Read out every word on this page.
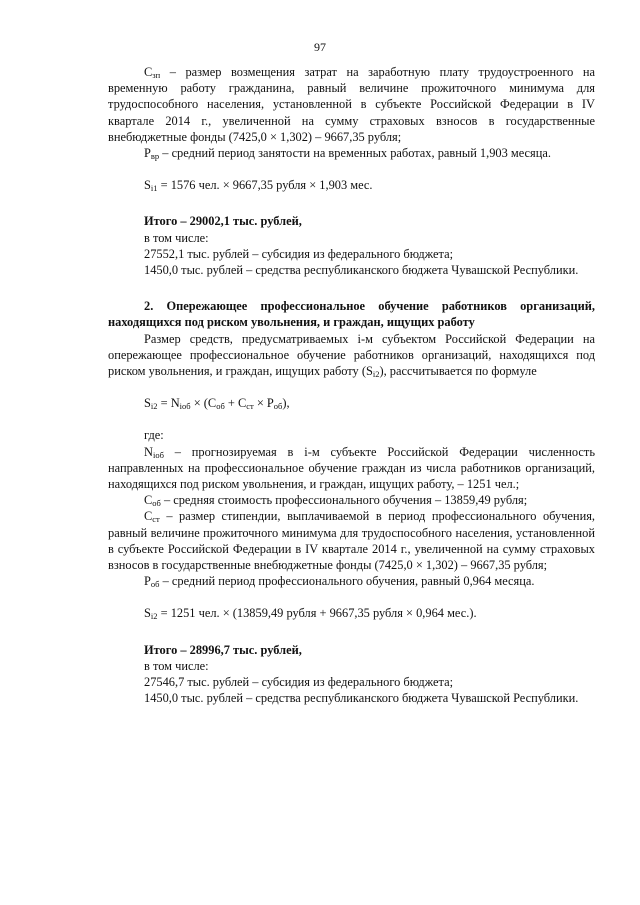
97

$С_{зп}$ – размер возмещения затрат на заработную плату трудоустроенного на временную работу гражданина, равный величине прожиточного минимума для трудоспособного населения, установленной в субъекте Российской Федерации в IV квартале 2014 г., увеличенной на сумму страховых взносов в государственные внебюджетные фонды (7425,0 × 1,302) – 9667,35 рубля;

$Р_{вр}$ – средний период занятости на временных работах, равный 1,903 месяца.

$S_{i1} = 1576$ чел. × 9667,35 рубля × 1,903 мес.

Итого – 29002,1 тыс. рублей,

в том числе:

27552,1 тыс. рублей – субсидия из федерального бюджета;

1450,0 тыс. рублей – средства республиканского бюджета Чувашской Республики.

2. Опережающее профессиональное обучение работников организаций, находящихся под риском увольнения, и граждан, ищущих работу

Размер средств, предусматриваемых i-м субъектом Российской Федерации на опережающее профессиональное обучение работников организаций, находящихся под риском увольнения, и граждан, ищущих работу $(S_{i2})$, рассчитывается по формуле

$S_{i2} = N_{iоб} \times (С_{об} + С_{ст} \times Р_{об})$,

где:

$N_{iоб}$ – прогнозируемая в i-м субъекте Российской Федерации численность направленных на профессиональное обучение граждан из числа работников организаций, находящихся под риском увольнения, и граждан, ищущих работу, – 1251 чел.;

$С_{об}$ – средняя стоимость профессионального обучения – 13859,49 рубля;

$С_{ст}$ – размер стипендии, выплачиваемой в период профессионального обучения, равный величине прожиточного минимума для трудоспособного населения, установленной в субъекте Российской Федерации в IV квартале 2014 г., увеличенной на сумму страховых взносов в государственные внебюджетные фонды (7425,0 × 1,302) – 9667,35 рубля;

$Р_{об}$ – средний период профессионального обучения, равный 0,964 месяца.

$S_{i2} = 1251$ чел. × (13859,49 рубля + 9667,35 рубля × 0,964 мес.).

Итого – 28996,7 тыс. рублей,

в том числе:

27546,7 тыс. рублей – субсидия из федерального бюджета;

1450,0 тыс. рублей – средства республиканского бюджета Чувашской Республики.
